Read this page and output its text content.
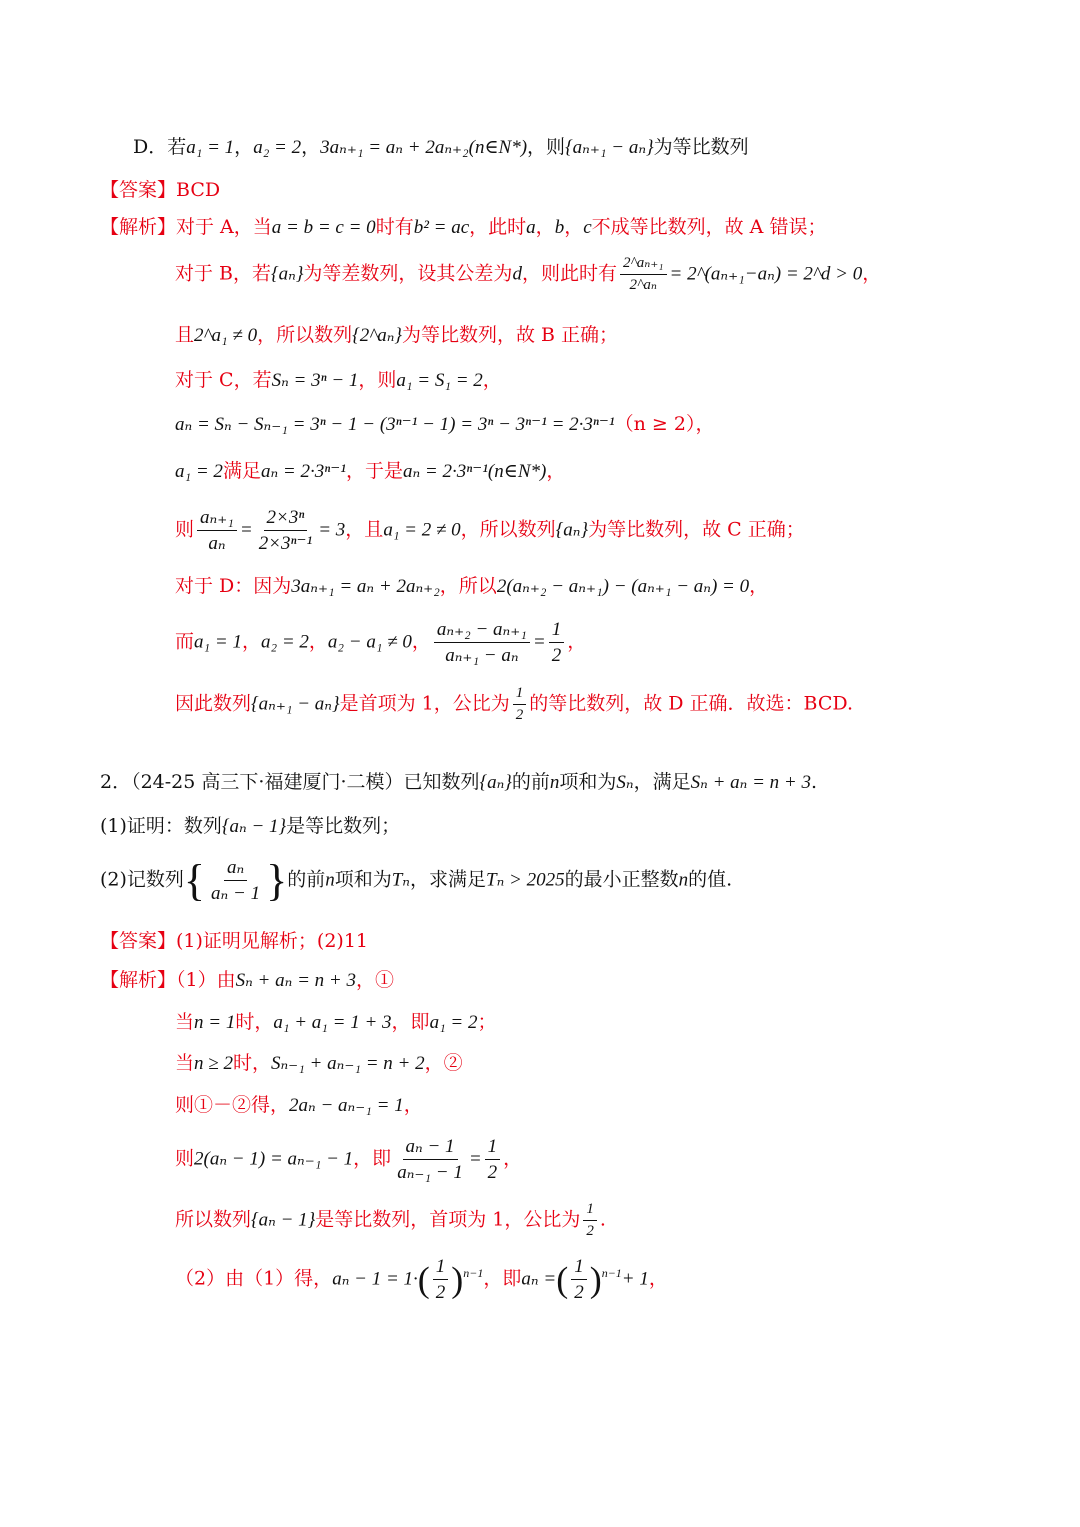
D．若a₁ = 1，a₂ = 2，3aₙ₊₁ = aₙ + 2aₙ₊₂(n∈N*)，则{aₙ₊₁ − aₙ}为等比数列
【答案】BCD
【解析】对于 A，当a = b = c = 0时有b² = ac，此时a，b，c不成等比数列，故 A 错误；
对于 B，若{aₙ}为等差数列，设其公差为d，则此时有 $\frac{\text{2\textasciicircum{}aₙ₊₁}}{\text{2\textasciicircum{}aₙ}}$ = 2^(aₙ₊₁−aₙ) = 2^d > 0，
且2^a₁ ≠ 0，所以数列{2^aₙ}为等比数列，故 B 正确；
对于 C，若Sₙ = 3ⁿ − 1，则a₁ = S₁ = 2，
aₙ = Sₙ − Sₙ₋₁ = 3ⁿ − 1 − (3ⁿ⁻¹ − 1) = 3ⁿ − 3ⁿ⁻¹ = 2·3ⁿ⁻¹（n ≥ 2），
a₁ = 2满足aₙ = 2·3ⁿ⁻¹，于是aₙ = 2·3ⁿ⁻¹(n∈N*)，
则 $\frac{\text{aₙ₊₁}}{\text{aₙ}} = \frac{\text{2×3ⁿ}}{\text{2×3ⁿ⁻¹}} = 3$，且a₁ = 2 ≠ 0，所以数列{aₙ}为等比数列，故 C 正确；
对于 D：因为3aₙ₊₁ = aₙ + 2aₙ₊₂，所以2(aₙ₊₂ − aₙ₊₁) − (aₙ₊₁ − aₙ) = 0，
而a₁ = 1，a₂ = 2，a₂ − a₁ ≠ 0， $\frac{\text{aₙ₊₂ − aₙ₊₁}}{\text{aₙ₊₁ − aₙ}} = \frac{1}{2}$ ，
因此数列{aₙ₊₁ − aₙ}是首项为 1，公比为 $\frac{1}{2}$ 的等比数列，故 D 正确．故选：BCD.
2．（24-25 高三下·福建厦门·二模）已知数列{aₙ}的前n项和为Sₙ，满足Sₙ + aₙ = n + 3.
(1)证明：数列{aₙ − 1}是等比数列；
(2)记数列 { $\frac{\text{aₙ}}{\text{aₙ − 1}}$ } 的前n项和为Tₙ，求满足Tₙ > 2025的最小正整数n的值.
【答案】(1)证明见解析；(2)11
【解析】（1）由Sₙ + aₙ = n + 3，①
当n = 1时，a₁ + a₁ = 1 + 3，即a₁ = 2；
当n ≥ 2时，Sₙ₋₁ + aₙ₋₁ = n + 2，②
则①－②得，2aₙ − aₙ₋₁ = 1，
则2(aₙ − 1) = aₙ₋₁ − 1，即 $\frac{\text{aₙ − 1}}{\text{aₙ₋₁ − 1}} = \frac{1}{2}$ ，
所以数列{aₙ − 1}是等比数列，首项为 1，公比为 $\frac{1}{2}$ .
（2）由（1）得，$a_n - 1 = 1\cdot( \frac{1}{2} )^{n-1}$，即aₙ =( $\frac{1}{2} )^{n-1}+ 1$，
